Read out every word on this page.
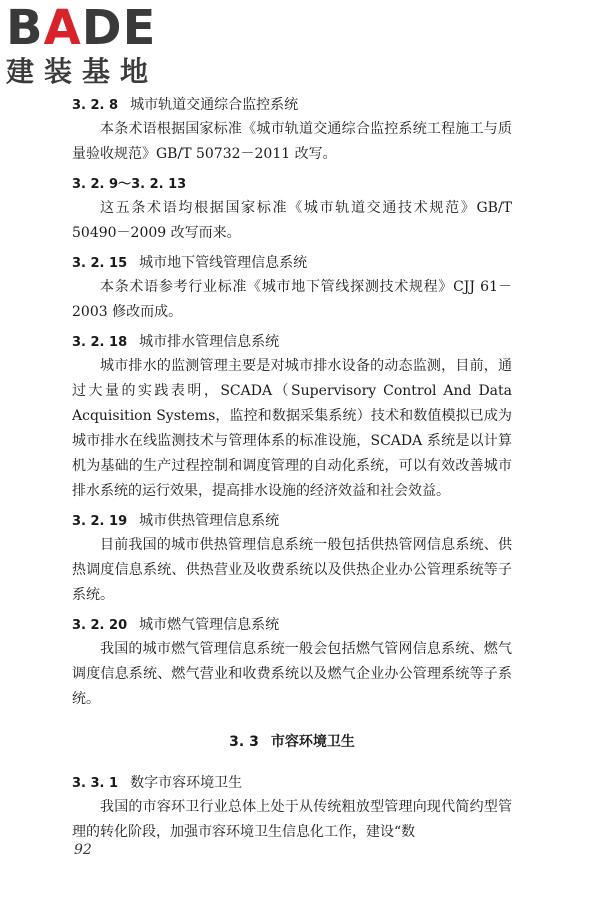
BADE
建装基地

3. 2. 8 城市轨道交通综合监控系统

本条术语根据国家标准《城市轨道交通综合监控系统工程施工与质量验收规范》GB/T 50732－2011 改写。

3. 2. 9～3. 2. 13

这五条术语均根据国家标准《城市轨道交通技术规范》GB/T 50490－2009 改写而来。

3. 2. 15 城市地下管线管理信息系统

本条术语参考行业标准《城市地下管线探测技术规程》CJJ 61－2003 修改而成。

3. 2. 18 城市排水管理信息系统

城市排水的监测管理主要是对城市排水设备的动态监测，目前，通过大量的实践表明，SCADA（Supervisory Control And Data Acquisition Systems，监控和数据采集系统）技术和数值模拟已成为城市排水在线监测技术与管理体系的标准设施，SCADA 系统是以计算机为基础的生产过程控制和调度管理的自动化系统，可以有效改善城市排水系统的运行效果，提高排水设施的经济效益和社会效益。

3. 2. 19 城市供热管理信息系统

目前我国的城市供热管理信息系统一般包括供热管网信息系统、供热调度信息系统、供热营业及收费系统以及供热企业办公管理系统等子系统。

3. 2. 20 城市燃气管理信息系统

我国的城市燃气管理信息系统一般会包括燃气管网信息系统、燃气调度信息系统、燃气营业和收费系统以及燃气企业办公管理系统等子系统。

3. 3 市容环境卫生

3. 3. 1 数字市容环境卫生

我国的市容环卫行业总体上处于从传统粗放型管理向现代简约型管理的转化阶段，加强市容环境卫生信息化工作，建设“数

92
